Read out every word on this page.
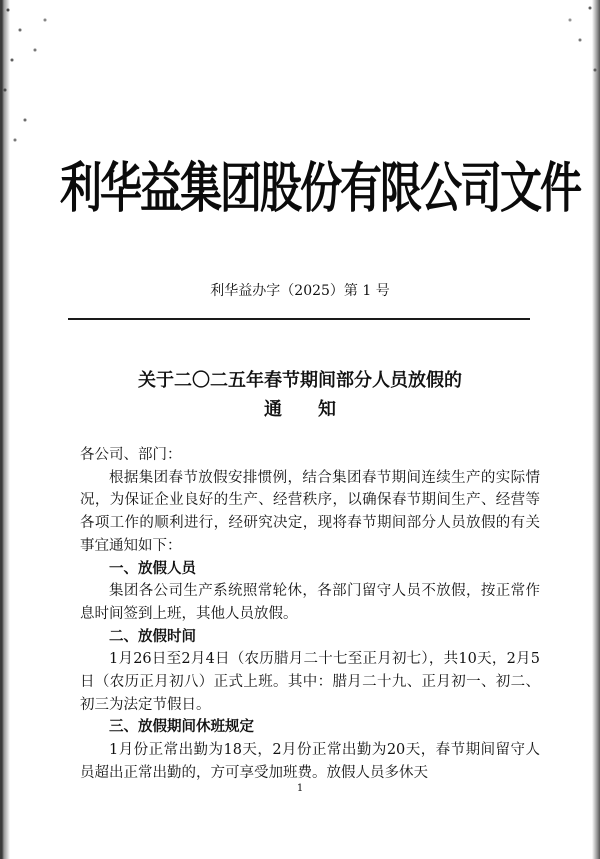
利华益集团股份有限公司文件
利华益办字（2025）第 1 号
关于二〇二五年春节期间部分人员放假的
通知

各公司、部门：

根据集团春节放假安排惯例，结合集团春节期间连续生产的实际情况，为保证企业良好的生产、经营秩序，以确保春节期间生产、经营等各项工作的顺利进行，经研究决定，现将春节期间部分人员放假的有关事宜通知如下：

一、放假人员

集团各公司生产系统照常轮休，各部门留守人员不放假，按正常作息时间签到上班，其他人员放假。

二、放假时间

1月26日至2月4日（农历腊月二十七至正月初七），共10天，2月5日（农历正月初八）正式上班。其中：腊月二十九、正月初一、初二、初三为法定节假日。

三、放假期间休班规定

1月份正常出勤为18天，2月份正常出勤为20天，春节期间留守人员超出正常出勤的，方可享受加班费。放假人员多休天

1
